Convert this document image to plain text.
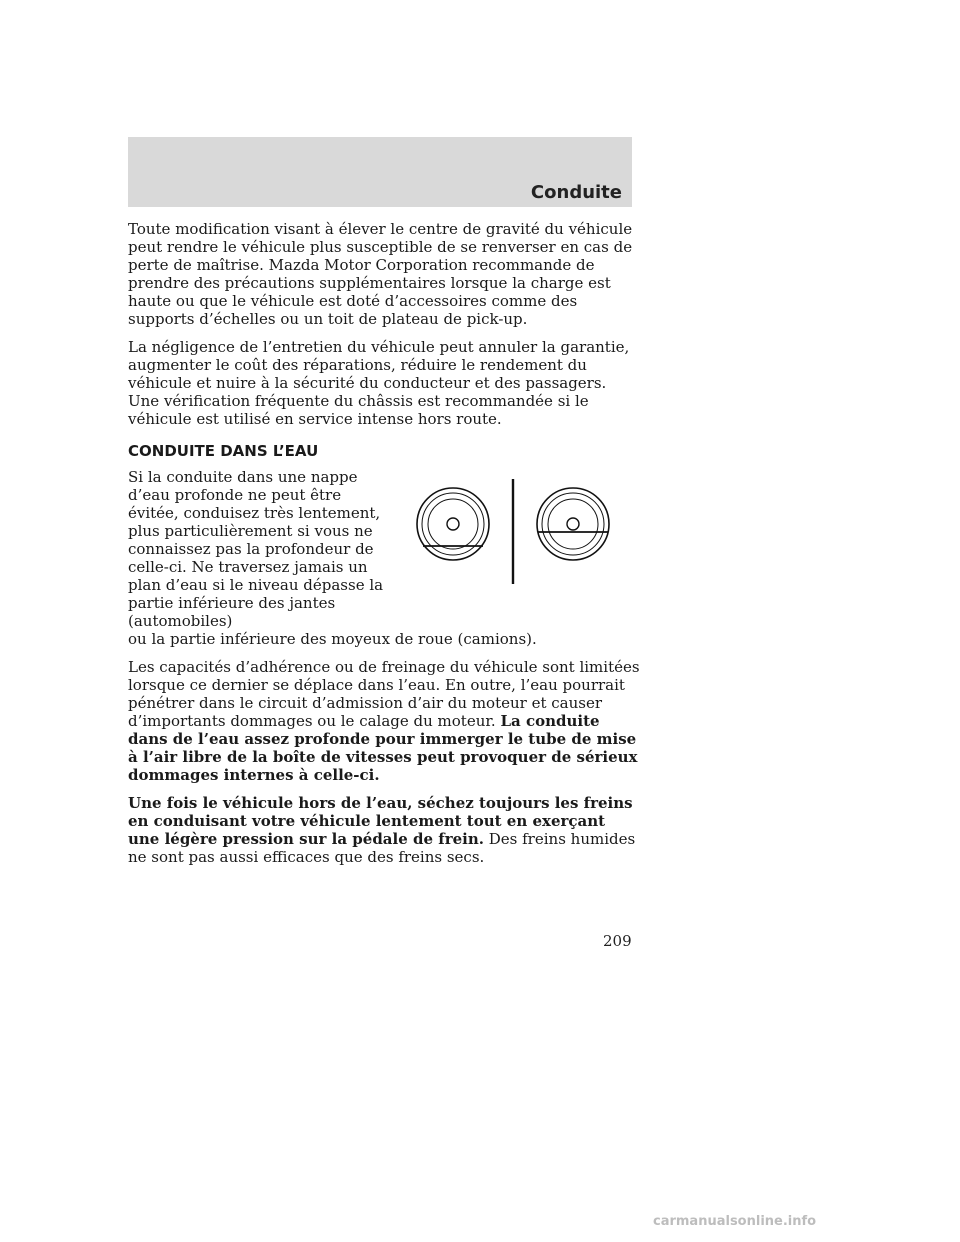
Conduite

Toute modification visant à élever le centre de gravité du véhicule peut rendre le véhicule plus susceptible de se renverser en cas de perte de maîtrise. Mazda Motor Corporation recommande de prendre des précautions supplémentaires lorsque la charge est haute ou que le véhicule est doté d’accessoires comme des supports d’échelles ou un toit de plateau de pick-up.

La négligence de l’entretien du véhicule peut annuler la garantie, augmenter le coût des réparations, réduire le rendement du véhicule et nuire à la sécurité du conducteur et des passagers. Une vérification fréquente du châssis est recommandée si le véhicule est utilisé en service intense hors route.

CONDUITE DANS L’EAU

Si la conduite dans une nappe d’eau profonde ne peut être évitée, conduisez très lentement, plus particulièrement si vous ne connaissez pas la profondeur de celle-ci. Ne traversez jamais un plan d’eau si le niveau dépasse la partie inférieure des jantes (automobiles)
ou la partie inférieure des moyeux de roue (camions).

Les capacités d’adhérence ou de freinage du véhicule sont limitées lorsque ce dernier se déplace dans l’eau. En outre, l’eau pourrait pénétrer dans le circuit d’admission d’air du moteur et causer d’importants dommages ou le calage du moteur. La conduite dans de l’eau assez profonde pour immerger le tube de mise à l’air libre de la boîte de vitesses peut provoquer de sérieux dommages internes à celle-ci.

Une fois le véhicule hors de l’eau, séchez toujours les freins en conduisant votre véhicule lentement tout en exerçant une légère pression sur la pédale de frein. Des freins humides ne sont pas aussi efficaces que des freins secs.

209
carmanualsonline.info
